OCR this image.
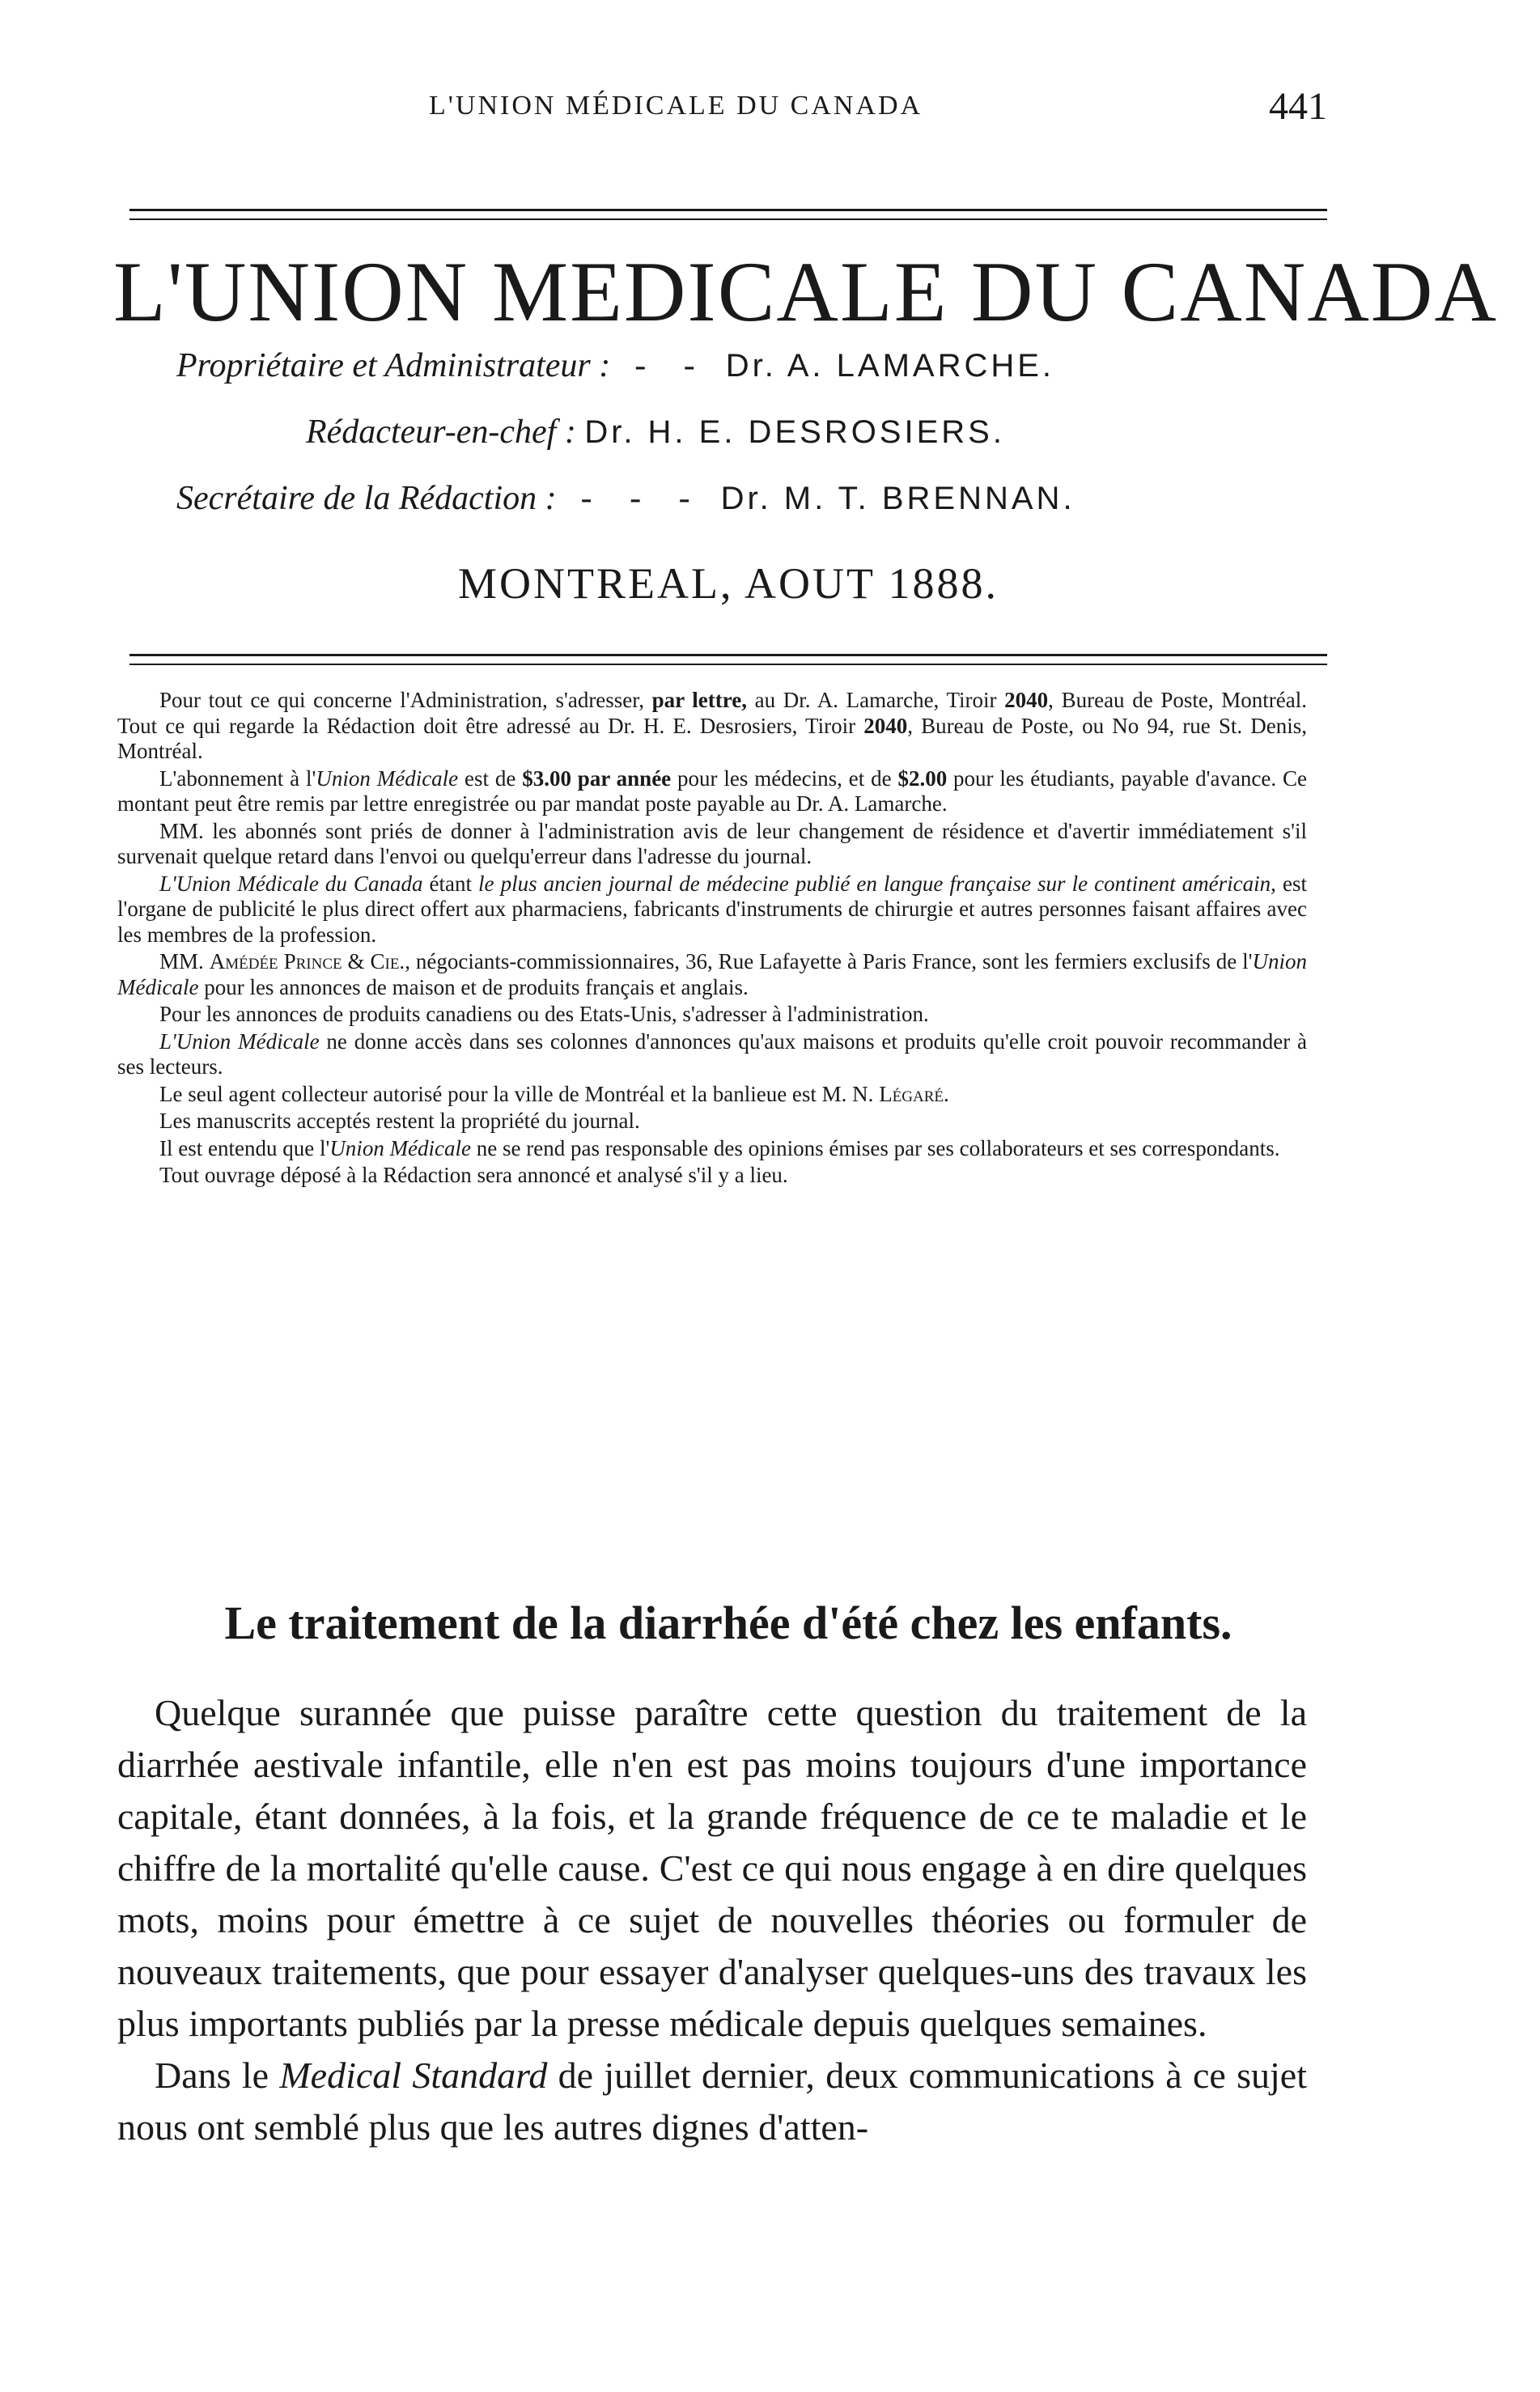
L'UNION MÉDICALE DU CANADA	441
L'UNION MEDICALE DU CANADA
Propriétaire et Administrateur : - - Dr. A. LAMARCHE.
Rédacteur-en-chef : Dr. H. E. DESROSIERS.
Secrétaire de la Rédaction : - - - Dr. M. T. BRENNAN.
MONTREAL, AOUT 1888.

Pour tout ce qui concerne l'Administration, s'adresser, par lettre, au Dr. A. Lamarche, Tiroir 2040, Bureau de Poste, Montréal. Tout ce qui regarde la Rédaction doit être adressé au Dr. H. E. Desrosiers, Tiroir 2040, Bureau de Poste, ou No 94, rue St. Denis, Montréal.

L'abonnement à l'Union Médicale est de $3.00 par année pour les médecins, et de $2.00 pour les étudiants, payable d'avance. Ce montant peut être remis par lettre enregistrée ou par mandat poste payable au Dr. A. Lamarche.

MM. les abonnés sont priés de donner à l'administration avis de leur changement de résidence et d'avertir immédiatement s'il survenait quelque retard dans l'envoi ou quelqu'erreur dans l'adresse du journal.

L'Union Médicale du Canada étant le plus ancien journal de médecine publié en langue française sur le continent américain, est l'organe de publicité le plus direct offert aux pharmaciens, fabricants d'instruments de chirurgie et autres personnes faisant affaires avec les membres de la profession.

MM. Amédée Prince & Cie., négociants-commissionnaires, 36, Rue Lafayette à Paris France, sont les fermiers exclusifs de l'Union Médicale pour les annonces de maison et de produits français et anglais.

Pour les annonces de produits canadiens ou des Etats-Unis, s'adresser à l'administration.

L'Union Médicale ne donne accès dans ses colonnes d'annonces qu'aux maisons et produits qu'elle croit pouvoir recommander à ses lecteurs.

Le seul agent collecteur autorisé pour la ville de Montréal et la banlieue est M. N. Légaré.

Les manuscrits acceptés restent la propriété du journal.

Il est entendu que l'Union Médicale ne se rend pas responsable des opinions émises par ses collaborateurs et ses correspondants.

Tout ouvrage déposé à la Rédaction sera annoncé et analysé s'il y a lieu.

Le traitement de la diarrhée d'été chez les enfants.

Quelque surannée que puisse paraître cette question du traitement de la diarrhée aestivale infantile, elle n'en est pas moins toujours d'une importance capitale, étant données, à la fois, et la grande fréquence de ce te maladie et le chiffre de la mortalité qu'elle cause. C'est ce qui nous engage à en dire quelques mots, moins pour émettre à ce sujet de nouvelles théories ou formuler de nouveaux traitements, que pour essayer d'analyser quelques-uns des travaux les plus importants publiés par la presse médicale depuis quelques semaines.

Dans le Medical Standard de juillet dernier, deux communications à ce sujet nous ont semblé plus que les autres dignes d'atten-
